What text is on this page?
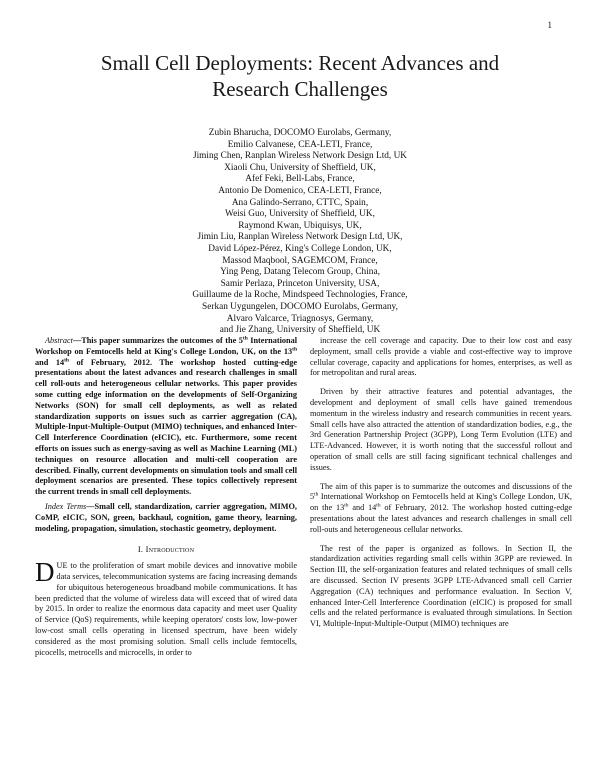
1
Small Cell Deployments: Recent Advances and
Research Challenges
Zubin Bharucha, DOCOMO Eurolabs, Germany,
Emilio Calvanese, CEA-LETI, France,
Jiming Chen, Ranplan Wireless Network Design Ltd, UK
Xiaoli Chu, University of Sheffield, UK,
Afef Feki, Bell-Labs, France,
Antonio De Domenico, CEA-LETI, France,
Ana Galindo-Serrano, CTTC, Spain,
Weisi Guo, University of Sheffield, UK,
Raymond Kwan, Ubiquisys, UK,
Jimin Liu, Ranplan Wireless Network Design Ltd, UK,
David López-Pérez, King's College London, UK,
Massod Maqbool, SAGEMCOM, France,
Ying Peng, Datang Telecom Group, China,
Samir Perlaza, Princeton University, USA,
Guillaume de la Roche, Mindspeed Technologies, France,
Serkan Uygungelen, DOCOMO Eurolabs, Germany,
Alvaro Valcarce, Triagnosys, Germany,
and Jie Zhang, University of Sheffield, UK

Abstract—This paper summarizes the outcomes of the 5th International Workshop on Femtocells held at King's College London, UK, on the 13th and 14th of February, 2012. The workshop hosted cutting-edge presentations about the latest advances and research challenges in small cell roll-outs and heterogeneous cellular networks. This paper provides some cutting edge information on the developments of Self-Organizing Networks (SON) for small cell deployments, as well as related standardization supports on issues such as carrier aggregation (CA), Multiple-Input-Multiple-Output (MIMO) techniques, and enhanced Inter-Cell Interference Coordination (eICIC), etc. Furthermore, some recent efforts on issues such as energy-saving as well as Machine Learning (ML) techniques on resource allocation and multi-cell cooperation are described. Finally, current developments on simulation tools and small cell deployment scenarios are presented. These topics collectively represent the current trends in small cell deployments.

Index Terms—Small cell, standardization, carrier aggregation, MIMO, CoMP, eICIC, SON, green, backhaul, cognition, game theory, learning, modeling, propagation, simulation, stochastic geometry, deployment.

I. Introduction

DUE to the proliferation of smart mobile devices and innovative mobile data services, telecommunication systems are facing increasing demands for ubiquitous heterogeneous broadband mobile communications. It has been predicted that the volume of wireless data will exceed that of wired data by 2015. In order to realize the enormous data capacity and meet user Quality of Service (QoS) requirements, while keeping operators' costs low, low-power low-cost small cells operating in licensed spectrum, have been widely considered as the most promising solution. Small cells include femtocells, picocells, metrocells and microcells, in order to

increase the cell coverage and capacity. Due to their low cost and easy deployment, small cells provide a viable and cost-effective way to improve cellular coverage, capacity and applications for homes, enterprises, as well as for metropolitan and rural areas.

Driven by their attractive features and potential advantages, the development and deployment of small cells have gained tremendous momentum in the wireless industry and research communities in recent years. Small cells have also attracted the attention of standardization bodies, e.g., the 3rd Generation Partnership Project (3GPP), Long Term Evolution (LTE) and LTE-Advanced. However, it is worth noting that the successful rollout and operation of small cells are still facing significant technical challenges and issues.

The aim of this paper is to summarize the outcomes and discussions of the 5th International Workshop on Femtocells held at King's College London, UK, on the 13th and 14th of February, 2012. The workshop hosted cutting-edge presentations about the latest advances and research challenges in small cell roll-outs and heterogeneous cellular networks.

The rest of the paper is organized as follows. In Section II, the standardization activities regarding small cells within 3GPP are reviewed. In Section III, the self-organization features and related techniques of small cells are discussed. Section IV presents 3GPP LTE-Advanced small cell Carrier Aggregation (CA) techniques and performance evaluation. In Section V, enhanced Inter-Cell Interference Coordination (eICIC) is proposed for small cells and the related performance is evaluated through simulations. In Section VI, Multiple-Input-Multiple-Output (MIMO) techniques are
